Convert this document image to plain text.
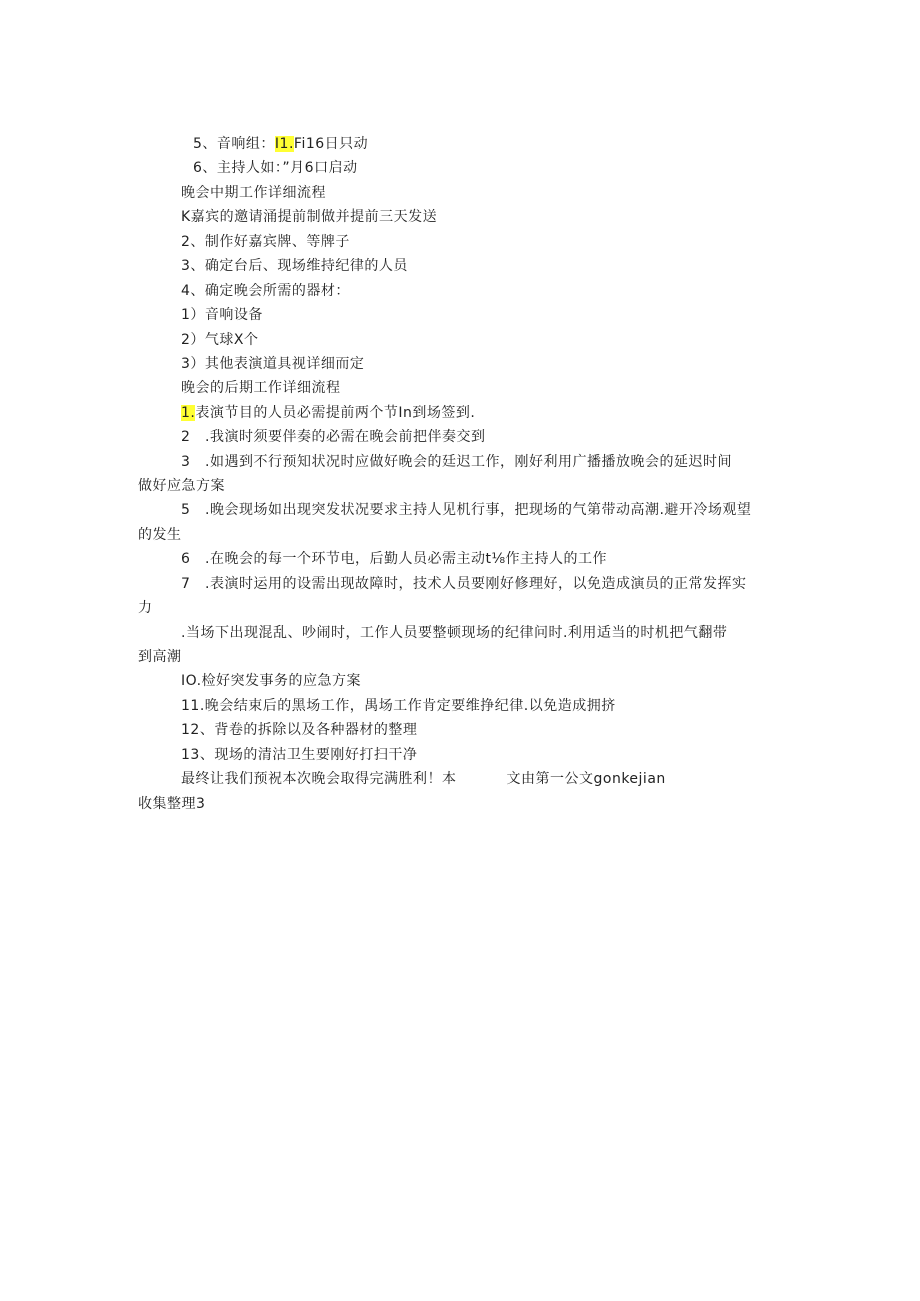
5、音响组：I1.Fi16日只动
6、主持人如：”月6口启动
晚会中期工作详细流程
K嘉宾的邀请涌提前制做并提前三天发送
2、制作好嘉宾牌、等牌子
3、确定台后、现场维持纪律的人员
4、确定晚会所需的器材：
1）音响设备
2）气球X个
3）其他表演道具视详细而定
晚会的后期工作详细流程
1.表演节目的人员必需提前两个节In到场签到.
2 .我演时须要伴奏的必需在晚会前把伴奏交到
3 .如遇到不行预知状况时应做好晚会的廷迟工作，刚好利用广播播放晚会的延迟时间
做好应急方案
5 .晚会现场如出现突发状况要求主持人见机行事，把现场的气第带动高潮.避开冷场观望
的发生
6 .在晚会的每一个环节电，后勤人员必需主动t⅛作主持人的工作
7 .表演时运用的设需出现故障时，技术人员要刚好修理好，以免造成演员的正常发挥实
力
.当场下出现混乱、吵闹时，工作人员要整顿现场的纪律问时.利用适当的时机把气翻带
到高潮
IO.检好突发事务的应急方案
11.晚会结束后的黑场工作，禺场工作肯定要维挣纪律.以免造成拥挤
12、背卷的拆除以及各种器材的整理
13、现场的清沽卫生要刚好打扫干净
最终让我们预祝本次晚会取得完满胜利！本	文由第一公文gonkejian
收集整理3
